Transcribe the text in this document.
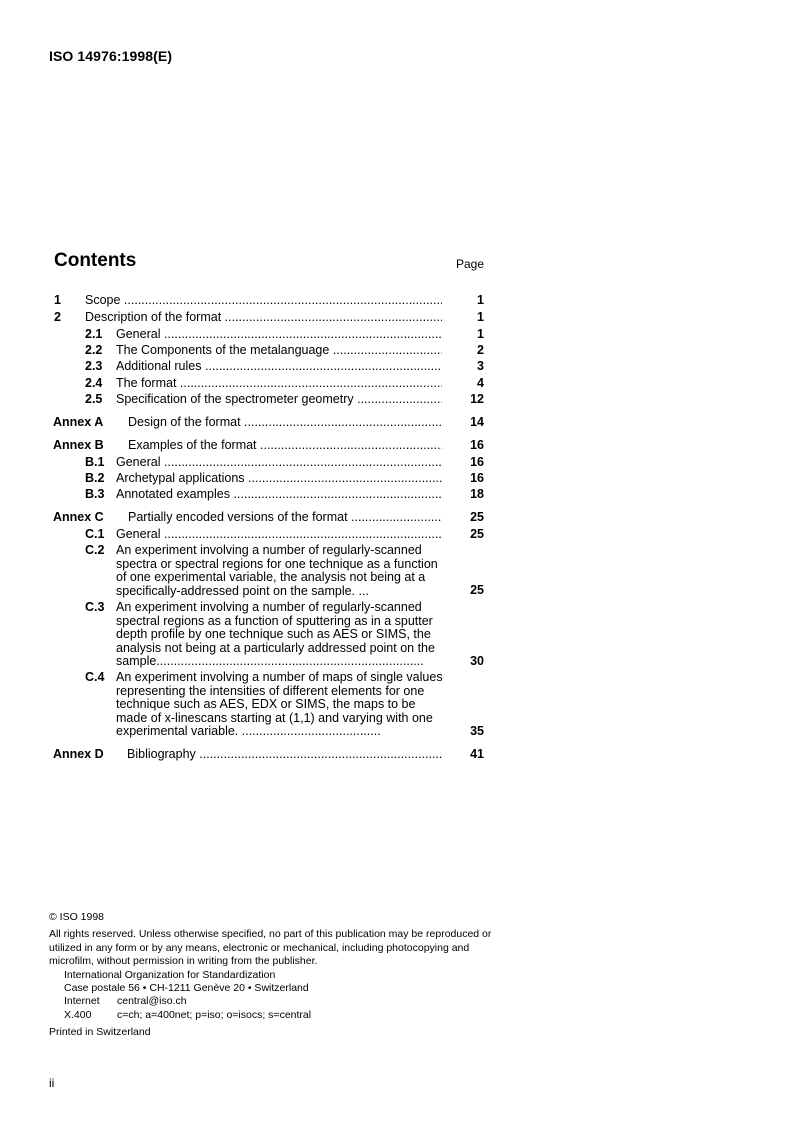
ISO 14976:1998(E)
Contents	Page
1 Scope .....	1
2 Description of the format .....	1
2.1 General .....	1
2.2 The Components of the metalanguage .....	2
2.3 Additional rules .....	3
2.4 The format .....	4
2.5 Specification of the spectrometer geometry .....	12
Annex A Design of the format .....	14
Annex B Examples of the format .....	16
B.1 General .....	16
B.2 Archetypal applications .....	16
B.3 Annotated examples .....	18
Annex C Partially encoded versions of the format .....	25
C.1 General .....	25
C.2 An experiment involving a number of regularly-scanned spectra or spectral regions for one technique as a function of one experimental variable, the analysis not being at a specifically-addressed point on the sample. ...	25
C.3 An experiment involving a number of regularly-scanned spectral regions as a function of sputtering as in a sputter depth profile by one technique such as AES or SIMS, the analysis not being at a particularly addressed point on the sample.............................................................................	30
C.4 An experiment involving a number of maps of single values representing the intensities of different elements for one technique such as AES, EDX or SIMS, the maps to be made of x-linescans starting at (1,1) and varying with one experimental variable. ........................................	35
Annex D Bibliography .....	41
© ISO 1998
All rights reserved. Unless otherwise specified, no part of this publication may be reproduced or utilized in any form or by any means, electronic or mechanical, including photocopying and microfilm, without permission in writing from the publisher.
International Organization for Standardization
Case postale 56 • CH-1211 Genève 20 • Switzerland
Internet central@iso.ch
X.400 c=ch; a=400net; p=iso; o=isocs; s=central
Printed in Switzerland
ii
